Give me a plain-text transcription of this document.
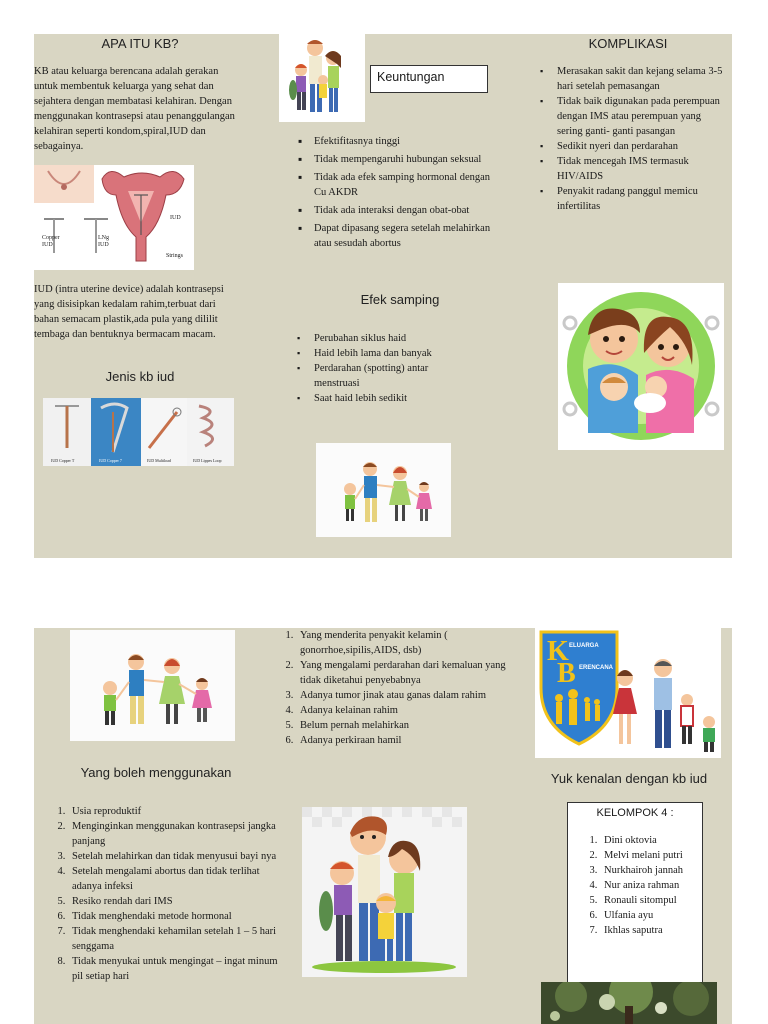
APA ITU KB?
KB atau keluarga berencana adalah gerakan untuk membentuk keluarga yang sehat dan sejahtera dengan membatasi kelahiran. Dengan menggunakan kontrasepsi atau penanggulangan kelahiran seperti kondom,spiral,IUD dan sebagainya.
Copper IUD
LNg IUD
IUD
Strings
IUD (intra uterine device) adalah kontrasepsi yang disisipkan kedalam rahim,terbuat dari bahan semacam plastik,ada pula yang dililit tembaga dan bentuknya bermacam macam.
Jenis kb iud
IUD Copper T	IUD Copper 7	IUD Multiload	IUD Lippes Loop
Keuntungan
▪ Efektifitasnya tinggi
▪ Tidak mempengaruhi hubungan seksual
▪ Tidak ada efek samping hormonal dengan Cu AKDR
▪ Tidak ada interaksi dengan obat-obat
▪ Dapat dipasang segera setelah melahirkan atau sesudah abortus
Efek samping
▪ Perubahan siklus haid
▪ Haid lebih lama dan banyak
▪ Perdarahan (spotting) antar menstruasi
▪ Saat haid lebih sedikit
KOMPLIKASI
▪ Merasakan sakit dan kejang selama 3-5 hari setelah pemasangan
▪ Tidak baik digunakan pada perempuan dengan IMS atau perempuan yang sering ganti- ganti pasangan
▪ Sedikit nyeri dan perdarahan
▪ Tidak mencegah IMS termasuk HIV/AIDS
▪ Penyakit radang panggul memicu infertilitas
Yang boleh menggunakan
1. Usia reproduktif
2. Menginginkan menggunakan kontrasepsi jangka panjang
3. Setelah melahirkan dan tidak menyusui bayi nya
4. Setelah mengalami abortus dan tidak terlihat adanya infeksi
5. Resiko rendah dari IMS
6. Tidak menghendaki metode hormonal
7. Tidak menghendaki kehamilan setelah 1 – 5 hari senggama
8. Tidak menyukai untuk mengingat – ingat minum pil setiap hari
1. Yang menderita penyakit kelamin ( gonorrhoe,sipilis,AIDS, dsb)
2. Yang mengalami perdarahan dari kemaluan yang tidak diketahui penyebabnya
3. Adanya tumor jinak atau ganas dalam rahim
4. Adanya kelainan rahim
5. Belum pernah melahirkan
6. Adanya perkiraan hamil
K
B
ELUARGA
ERENCANA
Yuk kenalan dengan kb iud
KELOMPOK 4 :
1. Dini oktovia
2. Melvi melani putri
3. Nurkhairoh jannah
4. Nur aniza rahman
5. Ronauli sitompul
6. Ulfania ayu
7. Ikhlas saputra
